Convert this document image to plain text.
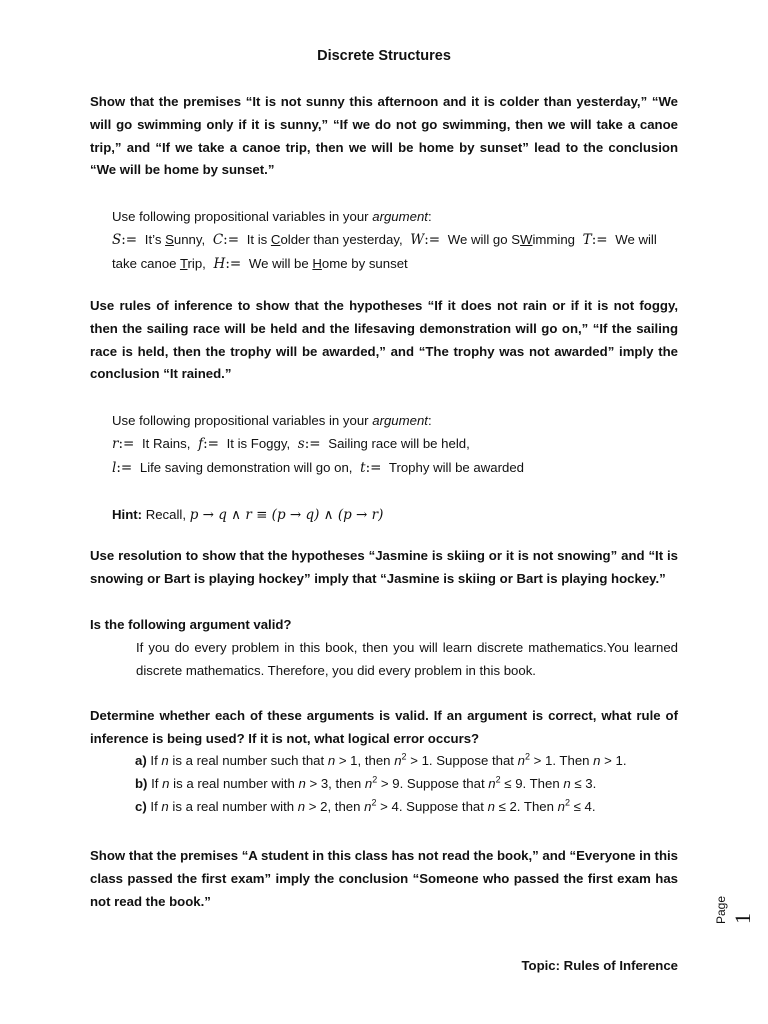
Discrete Structures
Show that the premises “It is not sunny this afternoon and it is colder than yesterday,” “We will go swimming only if it is sunny,” “If we do not go swimming, then we will take a canoe trip,” and “If we take a canoe trip, then we will be home by sunset” lead to the conclusion “We will be home by sunset.”
Use following propositional variables in your argument:
S:= It’s Sunny, C:= It is Colder than yesterday, W:= We will go SWimming T:= We will take canoe Trip, H:= We will be Home by sunset
Use rules of inference to show that the hypotheses “If it does not rain or if it is not foggy, then the sailing race will be held and the lifesaving demonstration will go on,” “If the sailing race is held, then the trophy will be awarded,” and “The trophy was not awarded” imply the conclusion “It rained.”
Use following propositional variables in your argument:
r:= It Rains, f:= It is Foggy, s:= Sailing race will be held,
l:= Life saving demonstration will go on, t:= Trophy will be awarded
Hint: Recall, p → q ∧ r ≡ (p → q) ∧ (p → r)
Use resolution to show that the hypotheses “Jasmine is skiing or it is not snowing” and “It is snowing or Bart is playing hockey” imply that “Jasmine is skiing or Bart is playing hockey.”
Is the following argument valid?
If you do every problem in this book, then you will learn discrete mathematics.You learned discrete mathematics. Therefore, you did every problem in this book.
Determine whether each of these arguments is valid. If an argument is correct, what rule of inference is being used? If it is not, what logical error occurs?
a) If n is a real number such that n > 1, then $n^2 > 1$. Suppose that $n^2 > 1$. Then n > 1.
b) If n is a real number with n > 3, then $n^2 > 9$. Suppose that $n^2 \le 9$. Then n ≤ 3.
c) If n is a real number with n > 2, then $n^2 > 4$. Suppose that n ≤ 2. Then $n^2 \le 4$.
Show that the premises “A student in this class has not read the book,” and “Everyone in this class passed the first exam” imply the conclusion “Someone who passed the first exam has not read the book.”
Topic: Rules of Inference
Page 1
